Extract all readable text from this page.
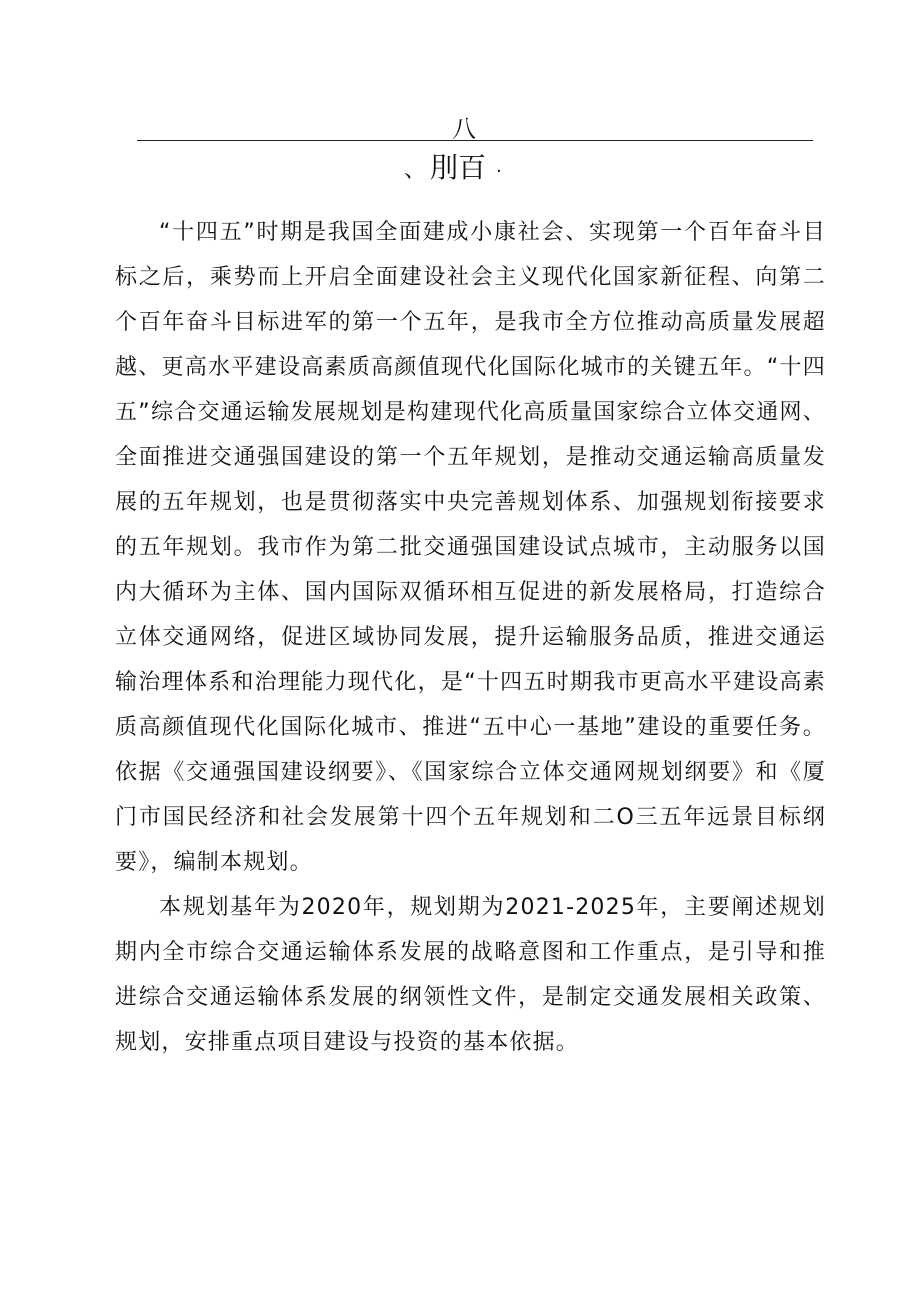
八
、 刖百 ·

“十四五”时期是我国全面建成小康社会、实现第一个百年奋斗目标之后，乘势而上开启全面建设社会主义现代化国家新征程、向第二个百年奋斗目标进军的第一个五年，是我市全方位推动高质量发展超越、更高水平建设高素质高颜值现代化国际化城市的关键五年。“十四五”综合交通运输发展规划是构建现代化高质量国家综合立体交通网、全面推进交通强国建设的第一个五年规划，是推动交通运输高质量发展的五年规划，也是贯彻落实中央完善规划体系、加强规划衔接要求的五年规划。我市作为第二批交通强国建设试点城市，主动服务以国内大循环为主体、国内国际双循环相互促进的新发展格局，打造综合立体交通网络，促进区域协同发展，提升运输服务品质，推进交通运输治理体系和治理能力现代化，是“十四五时期我市更高水平建设高素质高颜值现代化国际化城市、推进“五中心一基地”建设的重要任务。依据《交通强国建设纲要》、《国家综合立体交通网规划纲要》和《厦门市国民经济和社会发展第十四个五年规划和二O三五年远景目标纲要》，编制本规划。

本规划基年为2020年，规划期为2021-2025年，主要阐述规划期内全市综合交通运输体系发展的战略意图和工作重点，是引导和推进综合交通运输体系发展的纲领性文件，是制定交通发展相关政策、规划，安排重点项目建设与投资的基本依据。
